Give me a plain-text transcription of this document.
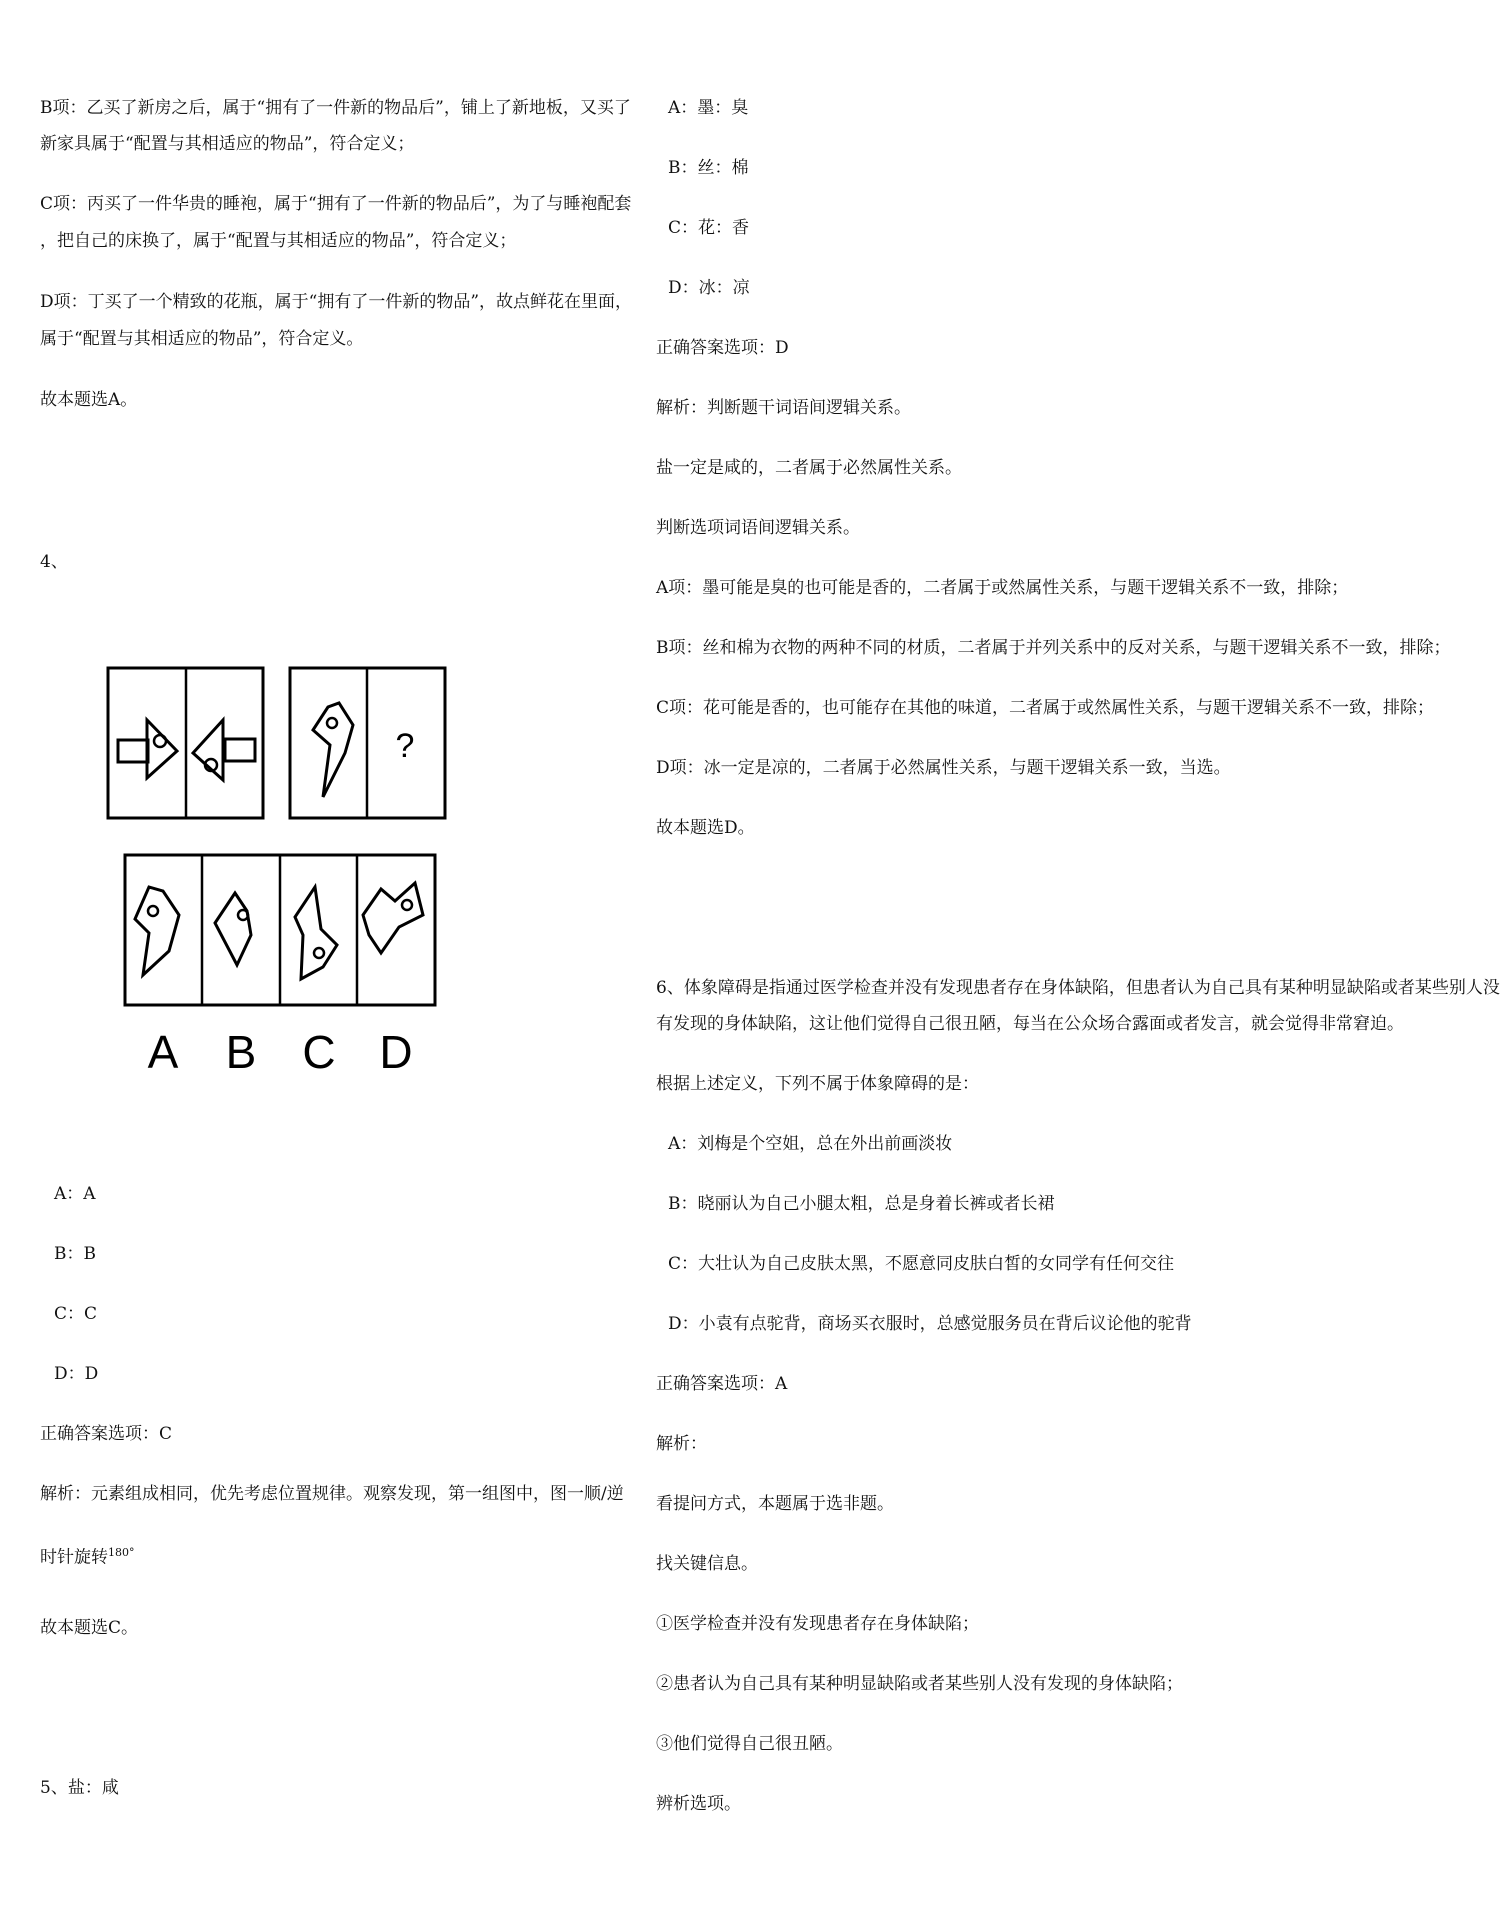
B项：乙买了新房之后，属于“拥有了一件新的物品后”，铺上了新地板，又买了

新家具属于“配置与其相适应的物品”，符合定义；

C项：丙买了一件华贵的睡袍，属于“拥有了一件新的物品后”，为了与睡袍配套

，把自己的床换了，属于“配置与其相适应的物品”，符合定义；

D项：丁买了一个精致的花瓶，属于“拥有了一件新的物品”，故点鲜花在里面，

属于“配置与其相适应的物品”，符合定义。

故本题选A。

4、

?
A B C D

A：A

B：B

C：C

D：D

正确答案选项：C

解析：元素组成相同，优先考虑位置规律。观察发现，第一组图中，图一顺/逆

时针旋转$^{180^\circ}$

故本题选C。

5、盐：咸

A：墨：臭

B：丝：棉

C：花：香

D：冰：凉

正确答案选项：D

解析：判断题干词语间逻辑关系。

盐一定是咸的，二者属于必然属性关系。

判断选项词语间逻辑关系。

A项：墨可能是臭的也可能是香的，二者属于或然属性关系，与题干逻辑关系不一致，排除；

B项：丝和棉为衣物的两种不同的材质，二者属于并列关系中的反对关系，与题干逻辑关系不一致，排除；

C项：花可能是香的，也可能存在其他的味道，二者属于或然属性关系，与题干逻辑关系不一致，排除；

D项：冰一定是凉的，二者属于必然属性关系，与题干逻辑关系一致，当选。

故本题选D。

6、体象障碍是指通过医学检查并没有发现患者存在身体缺陷，但患者认为自己具有某种明显缺陷或者某些别人没

有发现的身体缺陷，这让他们觉得自己很丑陋，每当在公众场合露面或者发言，就会觉得非常窘迫。

根据上述定义，下列不属于体象障碍的是：

A：刘梅是个空姐，总在外出前画淡妆

B：晓丽认为自己小腿太粗，总是身着长裤或者长裙

C：大壮认为自己皮肤太黑，不愿意同皮肤白皙的女同学有任何交往

D：小袁有点驼背，商场买衣服时，总感觉服务员在背后议论他的驼背

正确答案选项：A

解析：

看提问方式，本题属于选非题。

找关键信息。

①医学检查并没有发现患者存在身体缺陷；

②患者认为自己具有某种明显缺陷或者某些别人没有发现的身体缺陷；

③他们觉得自己很丑陋。

辨析选项。
